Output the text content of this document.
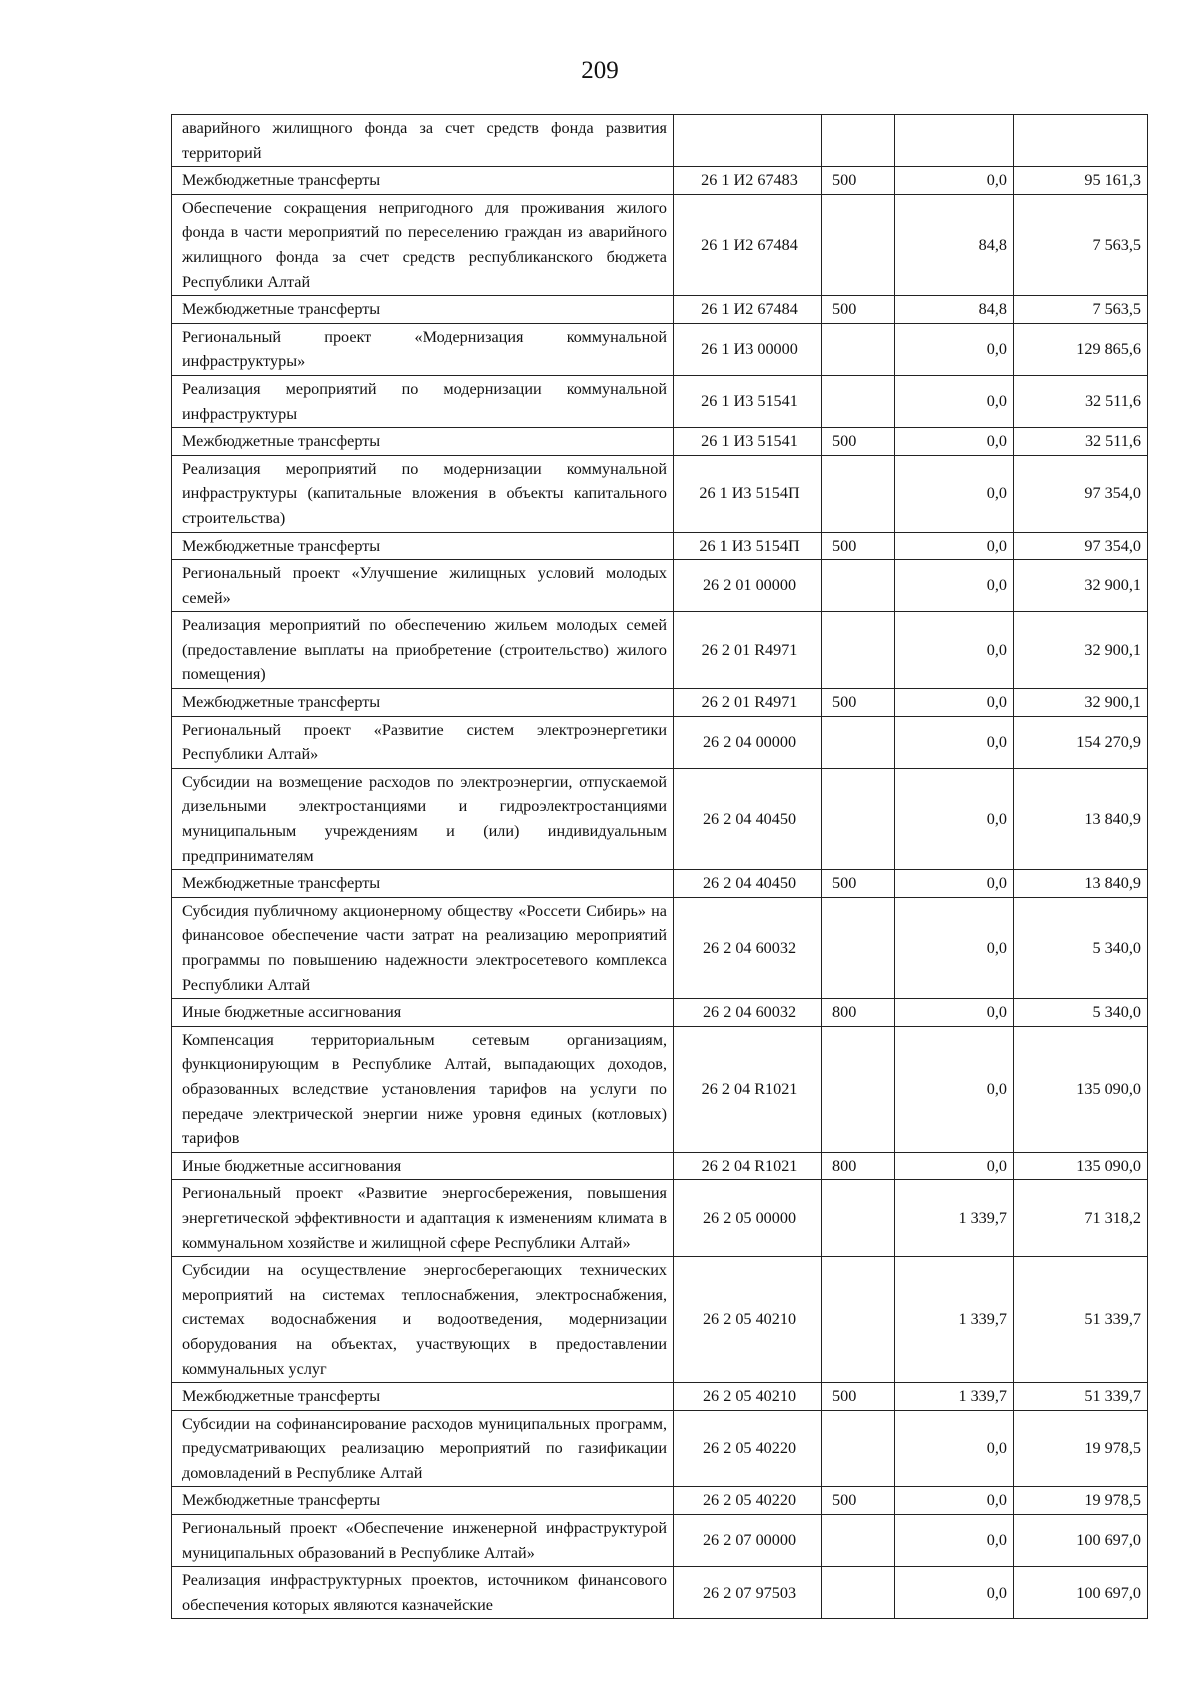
209
аварийного жилищного фонда за счет средств фонда развития территорий				
Межбюджетные трансферты	26 1 И2 67483	500	0,0	95 161,3
Обеспечение сокращения непригодного для проживания жилого фонда в части мероприятий по переселению граждан из аварийного жилищного фонда за счет средств республиканского бюджета Республики Алтай	26 1 И2 67484		84,8	7 563,5
Межбюджетные трансферты	26 1 И2 67484	500	84,8	7 563,5
Региональный проект «Модернизация коммунальной инфраструктуры»	26 1 И3 00000		0,0	129 865,6
Реализация мероприятий по модернизации коммунальной инфраструктуры	26 1 И3 51541		0,0	32 511,6
Межбюджетные трансферты	26 1 И3 51541	500	0,0	32 511,6
Реализация мероприятий по модернизации коммунальной инфраструктуры (капитальные вложения в объекты капитального строительства)	26 1 И3 5154П		0,0	97 354,0
Межбюджетные трансферты	26 1 И3 5154П	500	0,0	97 354,0
Региональный проект «Улучшение жилищных условий молодых семей»	26 2 01 00000		0,0	32 900,1
Реализация мероприятий по обеспечению жильем молодых семей (предоставление выплаты на приобретение (строительство) жилого помещения)	26 2 01 R4971		0,0	32 900,1
Межбюджетные трансферты	26 2 01 R4971	500	0,0	32 900,1
Региональный проект «Развитие систем электроэнергетики Республики Алтай»	26 2 04 00000		0,0	154 270,9
Субсидии на возмещение расходов по электроэнергии, отпускаемой дизельными электростанциями и гидроэлектростанциями муниципальным учреждениям и (или) индивидуальным предпринимателям	26 2 04 40450		0,0	13 840,9
Межбюджетные трансферты	26 2 04 40450	500	0,0	13 840,9
Субсидия публичному акционерному обществу «Россети Сибирь» на финансовое обеспечение части затрат на реализацию мероприятий программы по повышению надежности электросетевого комплекса Республики Алтай	26 2 04 60032		0,0	5 340,0
Иные бюджетные ассигнования	26 2 04 60032	800	0,0	5 340,0
Компенсация территориальным сетевым организациям, функционирующим в Республике Алтай, выпадающих доходов, образованных вследствие установления тарифов на услуги по передаче электрической энергии ниже уровня единых (котловых) тарифов	26 2 04 R1021		0,0	135 090,0
Иные бюджетные ассигнования	26 2 04 R1021	800	0,0	135 090,0
Региональный проект «Развитие энергосбережения, повышения энергетической эффективности и адаптация к изменениям климата в коммунальном хозяйстве и жилищной сфере Республики Алтай»	26 2 05 00000		1 339,7	71 318,2
Субсидии на осуществление энергосберегающих технических мероприятий на системах теплоснабжения, электроснабжения, системах водоснабжения и водоотведения, модернизации оборудования на объектах, участвующих в предоставлении коммунальных услуг	26 2 05 40210		1 339,7	51 339,7
Межбюджетные трансферты	26 2 05 40210	500	1 339,7	51 339,7
Субсидии на софинансирование расходов муниципальных программ, предусматривающих реализацию мероприятий по газификации домовладений в Республике Алтай	26 2 05 40220		0,0	19 978,5
Межбюджетные трансферты	26 2 05 40220	500	0,0	19 978,5
Региональный проект «Обеспечение инженерной инфраструктурой муниципальных образований в Республике Алтай»	26 2 07 00000		0,0	100 697,0
Реализация инфраструктурных проектов, источником финансового обеспечения которых являются казначейские	26 2 07 97503		0,0	100 697,0
